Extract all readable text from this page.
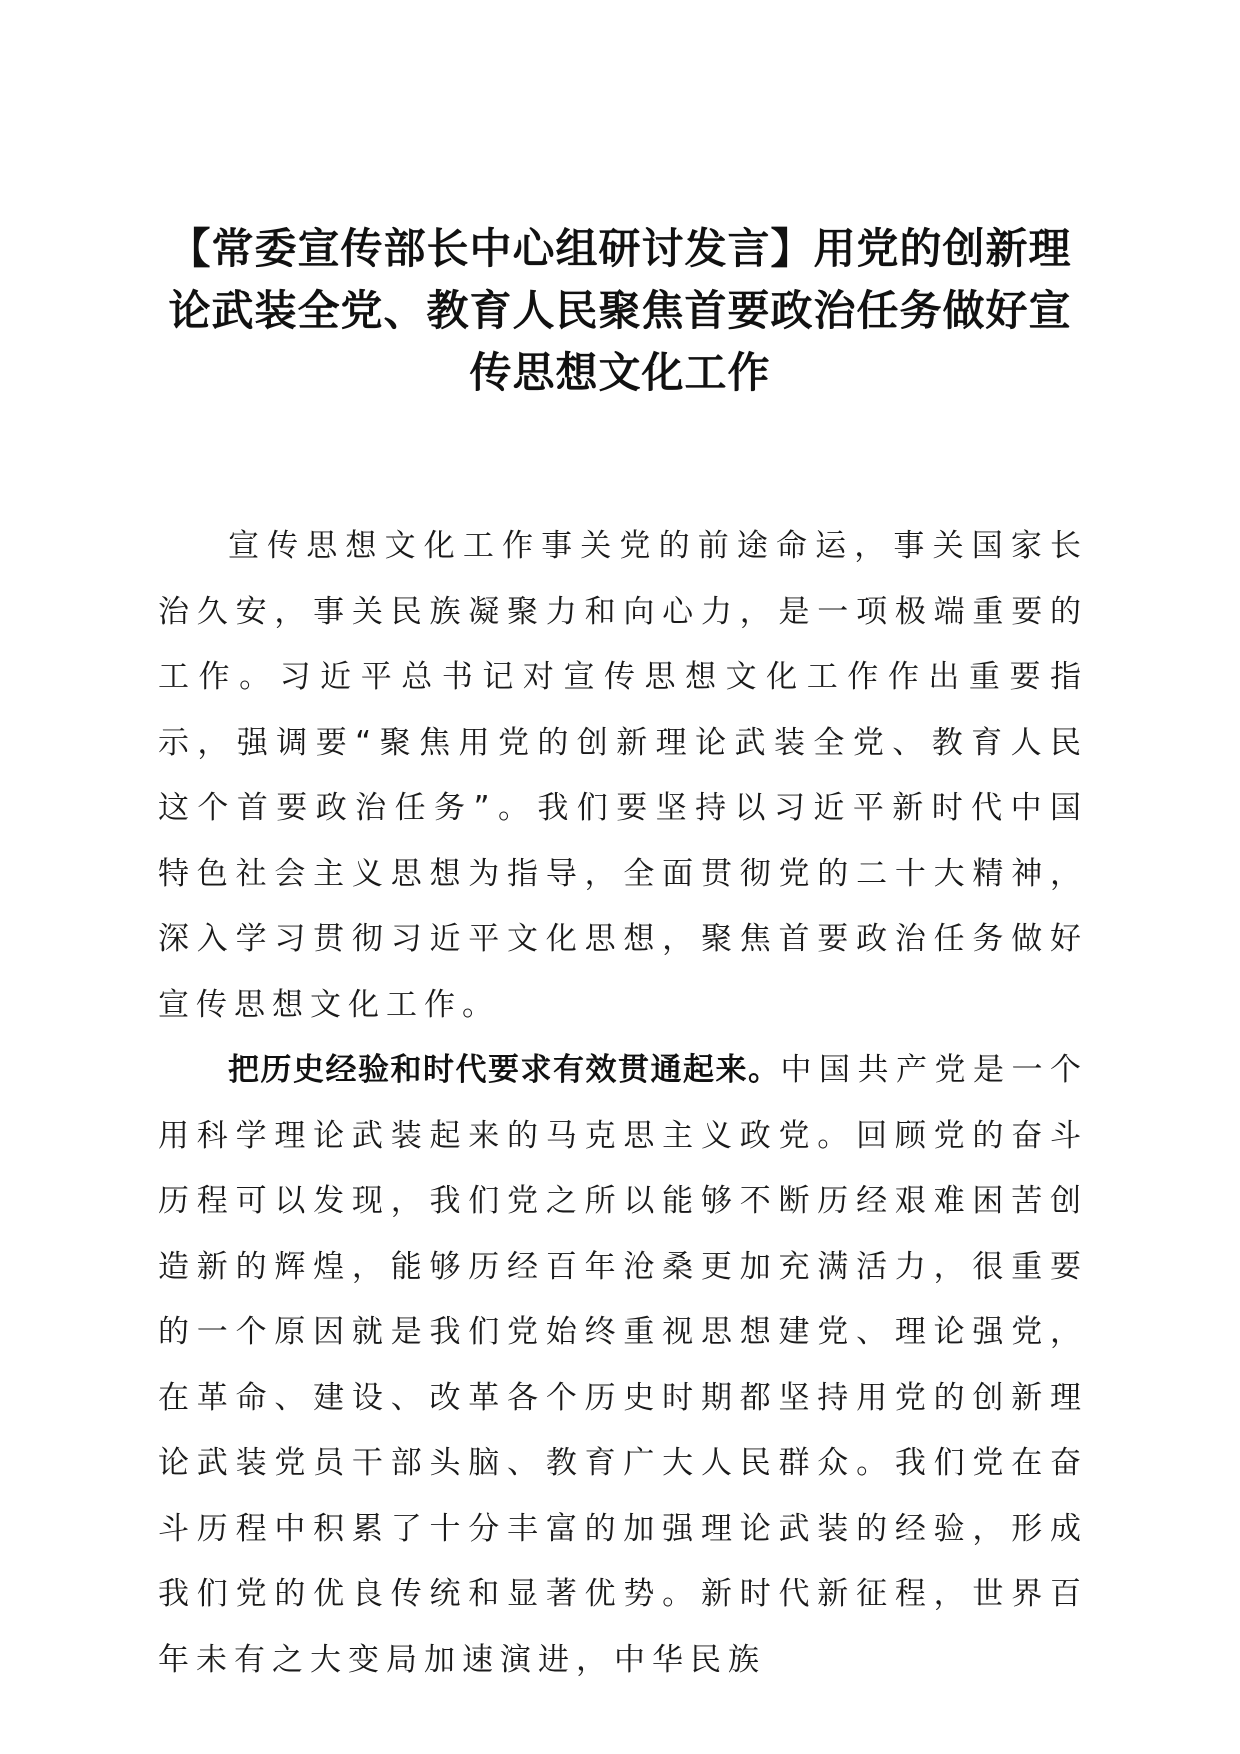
【常委宣传部长中心组研讨发言】用党的创新理论武装全党、教育人民聚焦首要政治任务做好宣传思想文化工作

宣传思想文化工作事关党的前途命运，事关国家长治久安，事关民族凝聚力和向心力，是一项极端重要的工作。习近平总书记对宣传思想文化工作作出重要指示，强调要“聚焦用党的创新理论武装全党、教育人民这个首要政治任务”。我们要坚持以习近平新时代中国特色社会主义思想为指导，全面贯彻党的二十大精神，深入学习贯彻习近平文化思想，聚焦首要政治任务做好宣传思想文化工作。

把历史经验和时代要求有效贯通起来。中国共产党是一个用科学理论武装起来的马克思主义政党。回顾党的奋斗历程可以发现，我们党之所以能够不断历经艰难困苦创造新的辉煌，能够历经百年沧桑更加充满活力，很重要的一个原因就是我们党始终重视思想建党、理论强党，在革命、建设、改革各个历史时期都坚持用党的创新理论武装党员干部头脑、教育广大人民群众。我们党在奋斗历程中积累了十分丰富的加强理论武装的经验，形成我们党的优良传统和显著优势。新时代新征程，世界百年未有之大变局加速演进，中华民族
